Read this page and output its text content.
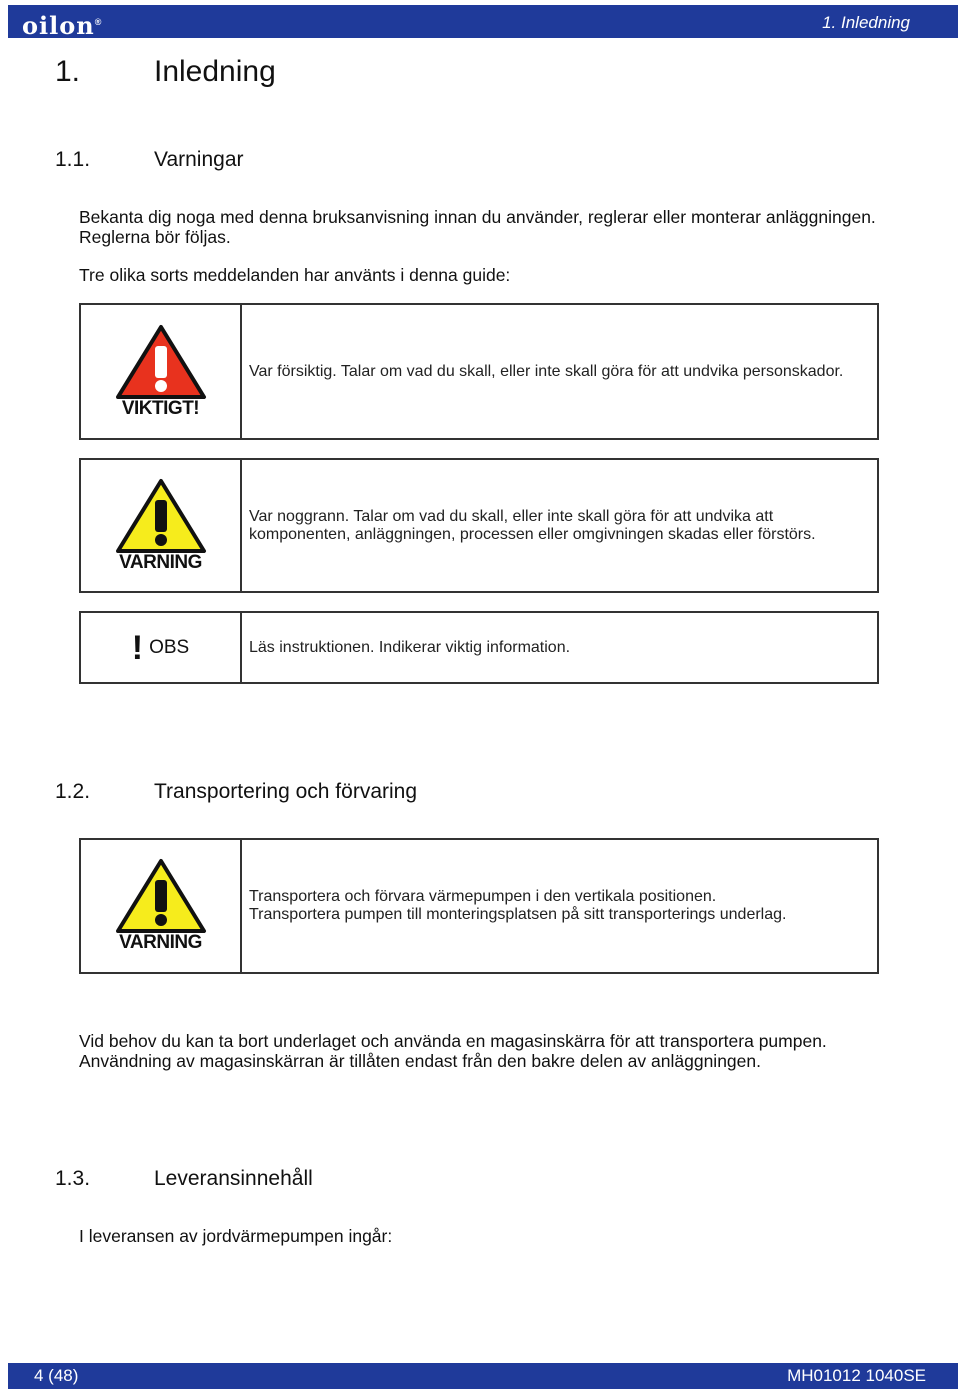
oilon®	1. Inledning
1. Inledning
1.1.	Varningar

Bekanta dig noga med denna bruksanvisning innan du använder, reglerar eller monterar anläggningen. Reglerna bör följas.

Tre olika sorts meddelanden har använts i denna guide:

VIKTIGT!
Var försiktig. Talar om vad du skall, eller inte skall göra för att undvika personskador.
VARNING
Var noggrann. Talar om vad du skall, eller inte skall göra för att undvika att komponenten, anläggningen, processen eller omgivningen skadas eller förstörs.
! OBS	Läs instruktionen. Indikerar viktig information.
1.2.	Transportering och förvaring
VARNING
Transportera och förvara värmepumpen i den vertikala positionen.
Transportera pumpen till monteringsplatsen på sitt transporterings underlag.

Vid behov du kan ta bort underlaget och använda en magasinskärra för att transportera pumpen. Användning av magasinskärran är tillåten endast från den bakre delen av anläggningen.

1.3.	Leveransinnehåll

I leveransen av jordvärmepumpen ingår:

4 (48)	MH01012 1040SE
